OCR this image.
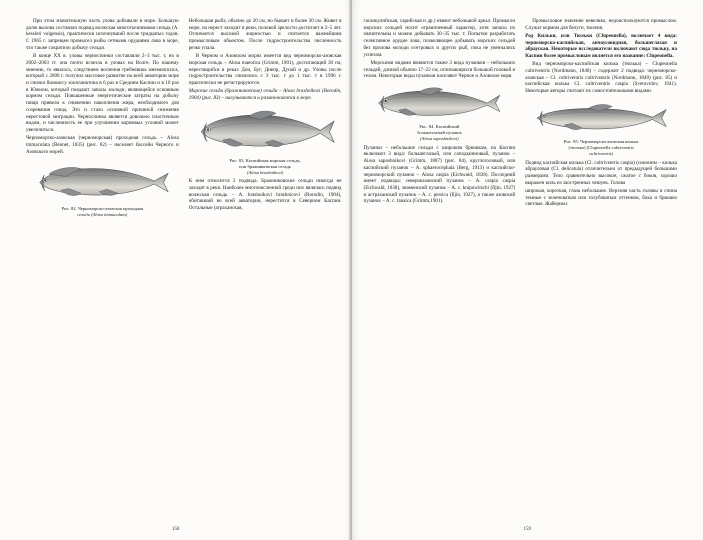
При этом значительную часть улова добывали в море. Большую долю вылова составлял подвид волжская многотычинковая сельдь (A. kessleri volgensis), практически исчезнувший после тридцатых годов. С 1965 г. запрещен промысел рыбы сетными орудиями лова в море, что также сократило добычу сельди.

В конце XX в. уловы черноспинки составляли 2–3 тыс. т, но в 2002–2003 гг. она почти исчезла в уловах на Волге. По нашему мнению, то явилось, следствием вселения гребневика мнемиопсиса, который с 2000 г. получил массовое развитие на всей акватории моря и снизил биомассу зоопланктона в 6 раз в Среднем Каспии и в 10 раз в Южном, который поедают запасы молоди, являющейся основным кормом сельди. Повышенные энергетические затраты на добычу пищи привели к снижению накопления жира, необходимого для созревания гонад. Это и стало основной причиной снижения нерестовой миграции. Черноспинка является довольно пластичным видом, и численность ее при улучшении кормовых условий может увеличиться.

Черноморско-азовская (черноморская) проходная сельдь – Alosa immaculata (Bennet, 1835) (рис. 82) – населяет бассейн Черного и Азовского морей.

Рис. 82. Черноморско-азовская проходная
сельдь (Alosa immaculata)

Небольшая рыба, обычно до 20 см, но бывает и более 30 см. Живет в море, на нерест заходит в реки, половой зрелости достигает в 2–5 лет. Отличается высокой жирностью и считается важнейшим промысловым объектом. После гидростроительства численность резко упала.

В Черном и Азовском морях имеется вид черноморско-азовская морская сельдь – Alosa maeotica (Grimm, 1901), достигающий 30 см, нерестящийся в реках Дон, Буг, Днепр, Дунай и др. Уловы после гидростроительства снизились с 3 тыс. т до 1 тыс. т в 1996 г. практически не регистрируются.

Морские сельди (бражниковские) сельди – Alosa brashnikovi (Borodin, 1904) (рис. 83) – нагуливаются и размножаются в море.

Рис. 83. Каспийская морская сельдь,
или бражниковская сельдь
(Alosa brashnikovi)

К ним относится 2 подвида. Бражниковские сельди никогда не заходят в реки. Наиболее многочисленной среди них являлась подвид волжская сельдь – A. brashnikovi brashnicovi (Borodin, 1904), обитавший во всей акватории, нерестится в Северном Каспии. Остальные (аграханская,

158

гасанкулийская, сарийская и др.) имеют небольшой ареал. Промысел морских сельдей носит ограниченный характер, хотя запасы их значительны и можно добывать 30–35 тыс. т. Попытки разработать селективное орудие лова, позволяющее добывать морских сельдей без прилова молоди осетровых и других рыб, пока не увенчались успехом.

Морскими видами являются также 3 вида пузанков – небольших сельдей, длиной обычно 17–22 см, отличающихся большой головой и телом. Некоторые виды пузанков населяют Черное и Азовское моря.

Рис. 84. Каспийский
большеглазый пузанок
(Alosa saposhnikovi)

Пузанки – небольшие сельди с широким брюшком, на Каспии включают 3 вида: большеглазый, или саподкинновый, пузанок – Alosa saposhnikovi (Grimm, 1887) (рис. 84), круглоголовый, или каспийский пузанок – A. sphaerocephala (Berg, 1913) и каспийско-черноморский пузанок – Alosa caspia (Eichwald, 1838). Последний имеет подвиды: североказанский пузанок – A. caspia caspia (Eichwald, 1838), знаменский пузанок – A. c. knipowitschi (Iljin, 1927) и астраханский пузанок – A. c. persica (Iljin, 1927), а также азовский пузанок – A. c. tanaica (Grimm,1901).

Промысловое значение невелико, недоиспользуются промыслом. Служат кормом для белуги, тюленя.

Род Кильки, или Тюльки (Clupeonella), включает 4 вида: черноморско-каспийская, анчоусовидная, большеглазая и абрауская. Некоторые исследователи включают сюда тюльку, на Каспии более промысловым является его название: Clupeonella.

Вид черноморско-каспийская килька (тюлька) – Clupeonella cultriventris (Nordmann, 1840) – содержит 2 подвида: черноморско-азовская – Cl. cultriventris cultriventris (Nordmann, 1840) (рис. 85) и каспийская килька Cl. cultriventris caspia (Svetovidov, 1941). Некоторые авторы считают их самостоятельными видами.

Рис. 85. Черноморско-азовская килька
(тюлька) (Clupeonella cultriventris
cultriventris)

Подвид каспийская килька (Cl. cultriventris caspia) (синоним – килька абрауловая (Cl. delicatula) отличительно от предыдущей большими размерами. Тело сравнительно высокое, сжатое с боков, хорошо выражен киль из заостренных чешуек. Голова

широкая, короткая, глаза небольшие. Верхняя часть головы и спина темные с зеленоватым или голубоватым оттенком, бока и брюшко светлые. Жаберных

159
